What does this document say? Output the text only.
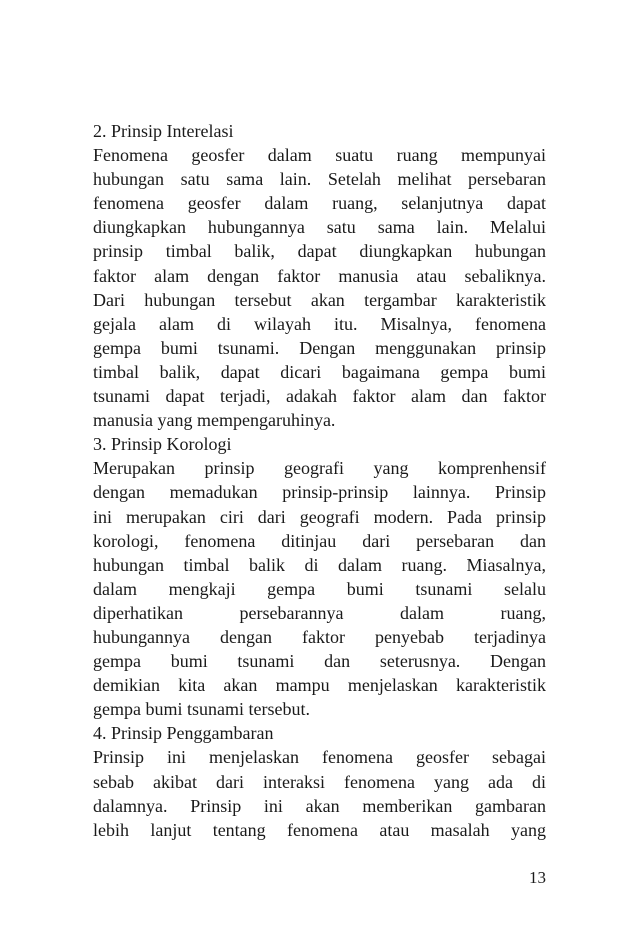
2. Prinsip Interelasi
Fenomena geosfer dalam suatu ruang mempunyai
hubungan satu sama lain. Setelah melihat persebaran
fenomena geosfer dalam ruang, selanjutnya dapat
diungkapkan hubungannya satu sama lain. Melalui
prinsip timbal balik, dapat diungkapkan hubungan
faktor alam dengan faktor manusia atau sebaliknya.
Dari hubungan tersebut akan tergambar karakteristik
gejala alam di wilayah itu. Misalnya, fenomena
gempa bumi tsunami. Dengan menggunakan prinsip
timbal balik, dapat dicari bagaimana gempa bumi
tsunami dapat terjadi, adakah faktor alam dan faktor
manusia yang mempengaruhinya.
3. Prinsip Korologi
Merupakan prinsip geografi yang komprenhensif
dengan memadukan prinsip-prinsip lainnya. Prinsip
ini merupakan ciri dari geografi modern. Pada prinsip
korologi, fenomena ditinjau dari persebaran dan
hubungan timbal balik di dalam ruang. Miasalnya,
dalam mengkaji gempa bumi tsunami selalu
diperhatikan persebarannya dalam ruang,
hubungannya dengan faktor penyebab terjadinya
gempa bumi tsunami dan seterusnya. Dengan
demikian kita akan mampu menjelaskan karakteristik
gempa bumi tsunami tersebut.
4. Prinsip Penggambaran
Prinsip ini menjelaskan fenomena geosfer sebagai
sebab akibat dari interaksi fenomena yang ada di
dalamnya. Prinsip ini akan memberikan gambaran
lebih lanjut tentang fenomena atau masalah yang
13
